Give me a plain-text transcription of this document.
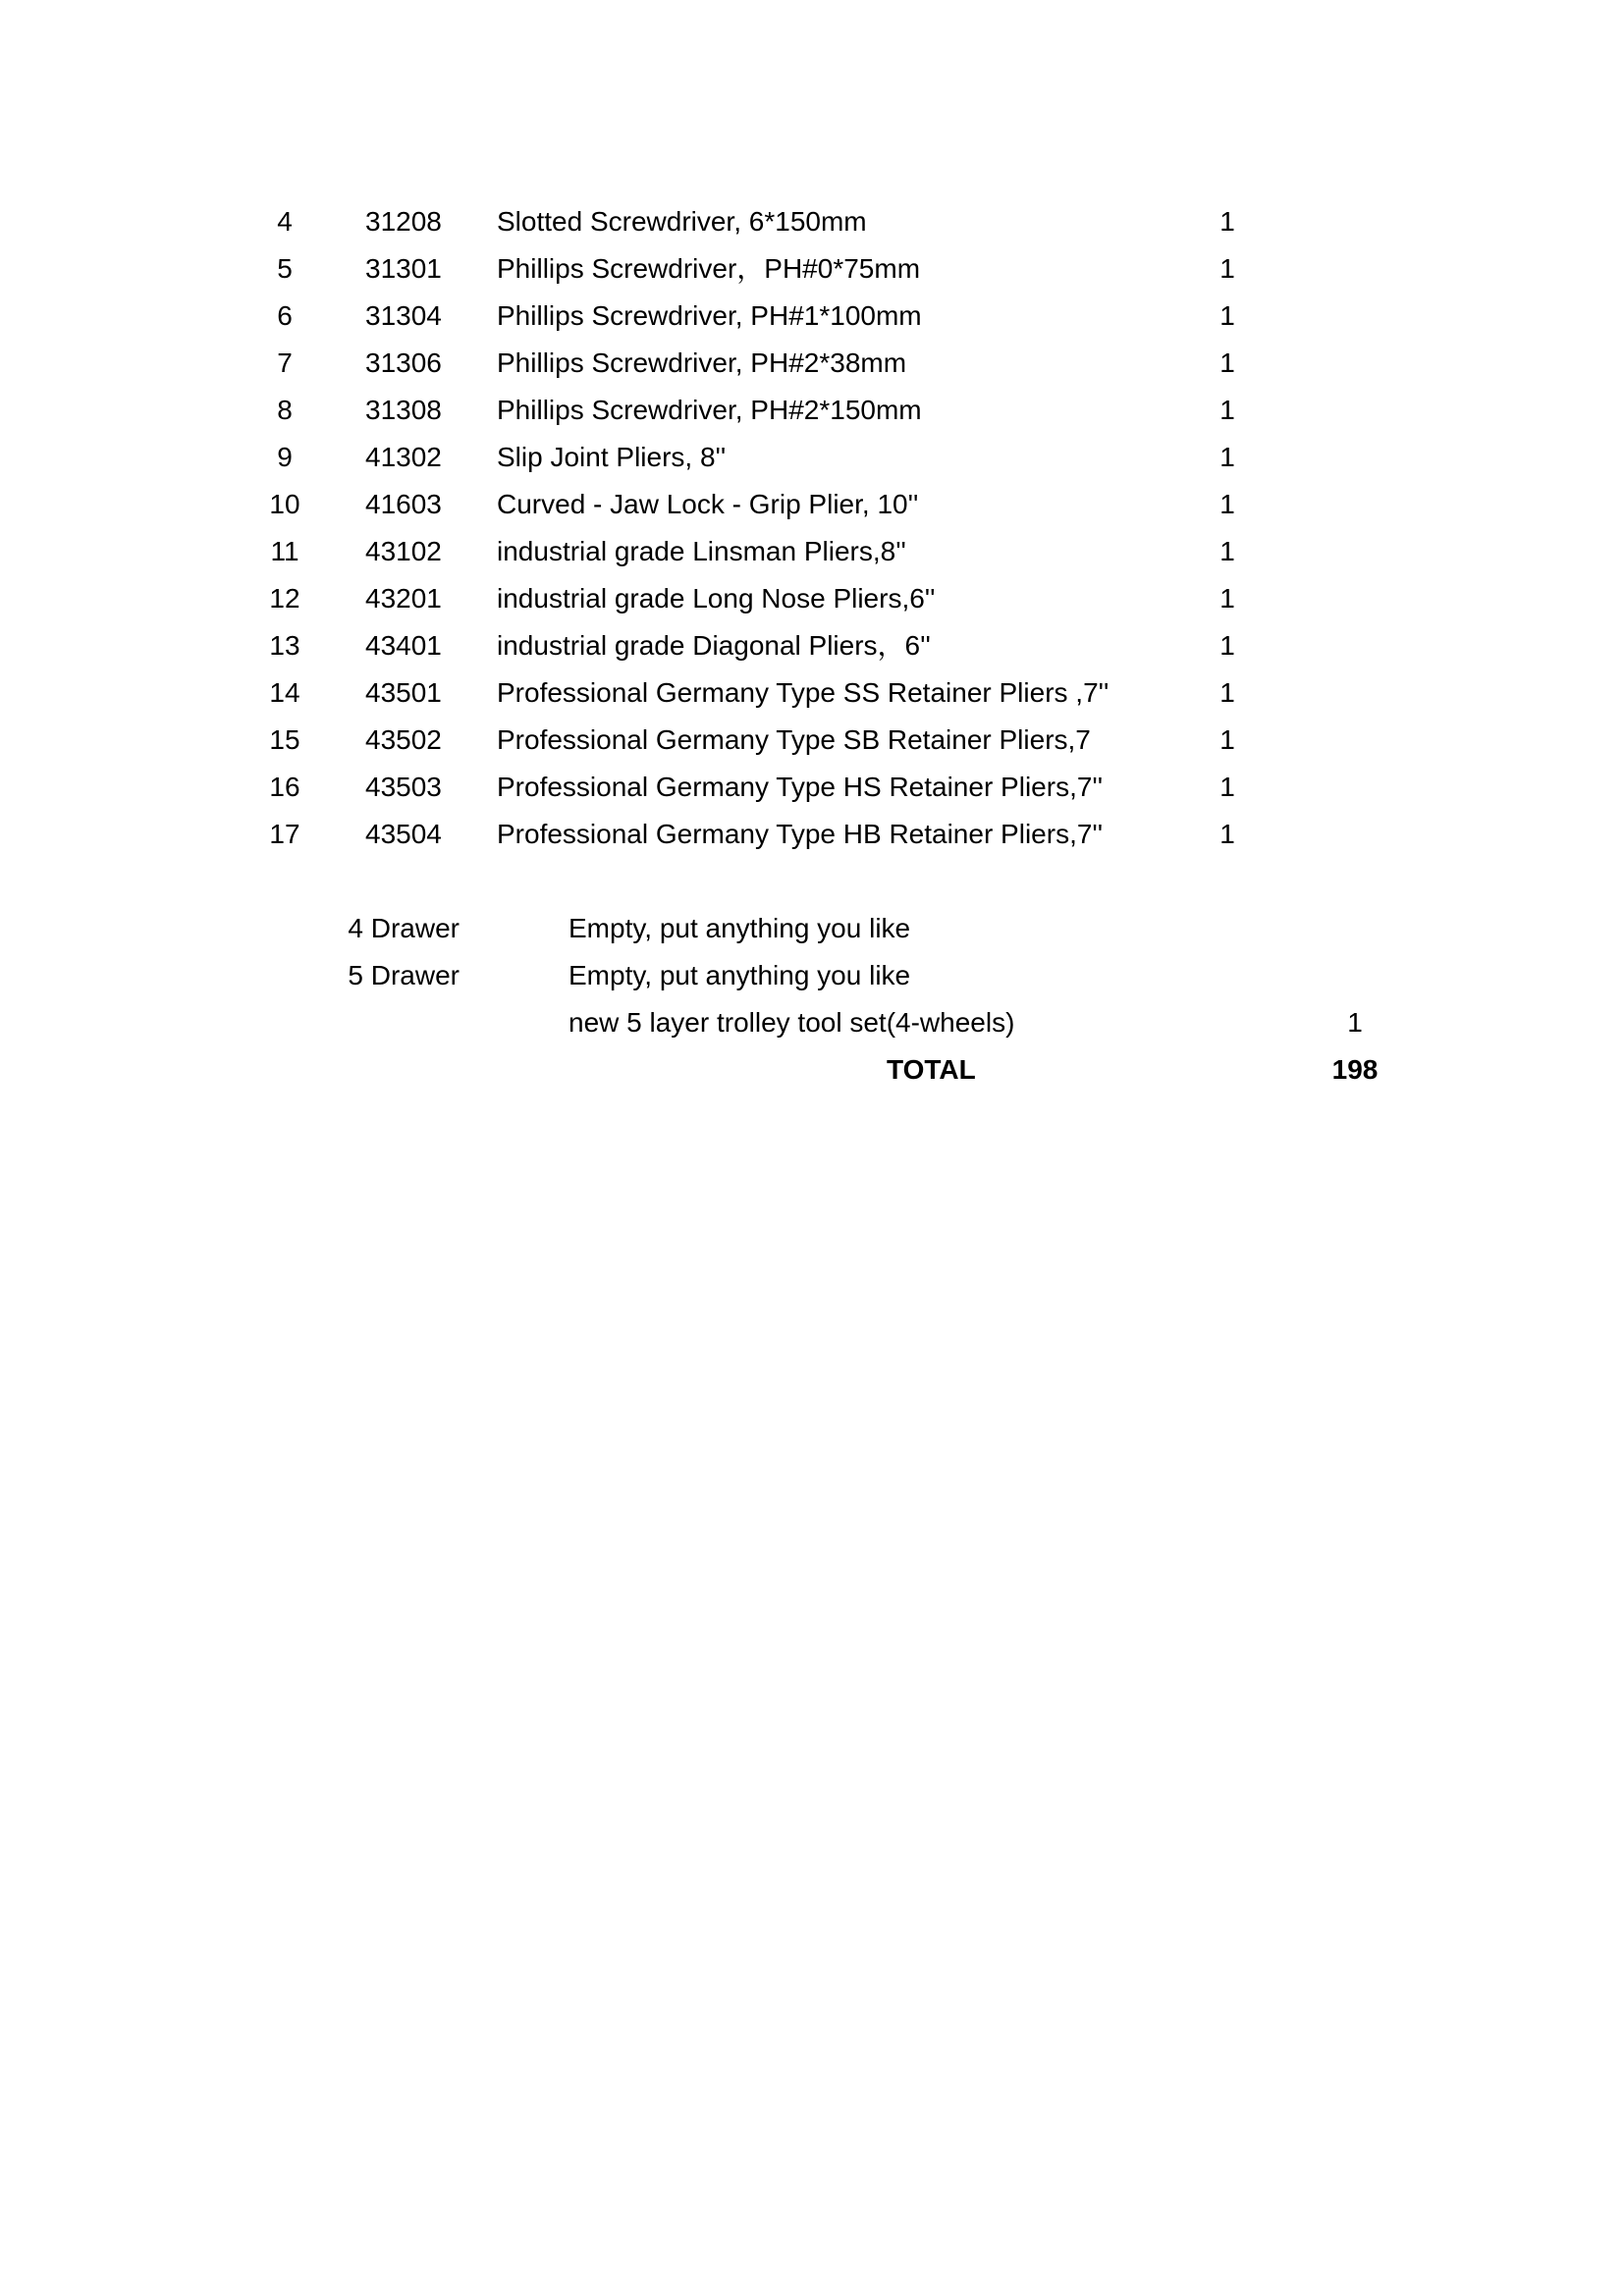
4	31208	Slotted Screwdriver, 6*150mm	1
5	31301	Phillips Screwdriver，PH#0*75mm	1
6	31304	Phillips Screwdriver, PH#1*100mm	1
7	31306	Phillips Screwdriver, PH#2*38mm	1
8	31308	Phillips Screwdriver, PH#2*150mm	1
9	41302	Slip Joint Pliers, 8''	1
10	41603	Curved - Jaw Lock - Grip Plier, 10''	1
11	43102	industrial grade Linsman Pliers,8''	1
12	43201	industrial grade Long Nose Pliers,6''	1
13	43401	industrial grade Diagonal Pliers，6''	1
14	43501	Professional Germany Type SS Retainer Pliers ,7''	1
15	43502	Professional Germany Type SB Retainer Pliers,7	1
16	43503	Professional Germany Type HS Retainer Pliers,7''	1
17	43504	Professional Germany Type HB Retainer Pliers,7''	1
4 Drawer	Empty, put anything you like
5 Drawer	Empty, put anything you like
new 5 layer trolley tool set(4-wheels)	1
TOTAL	198
